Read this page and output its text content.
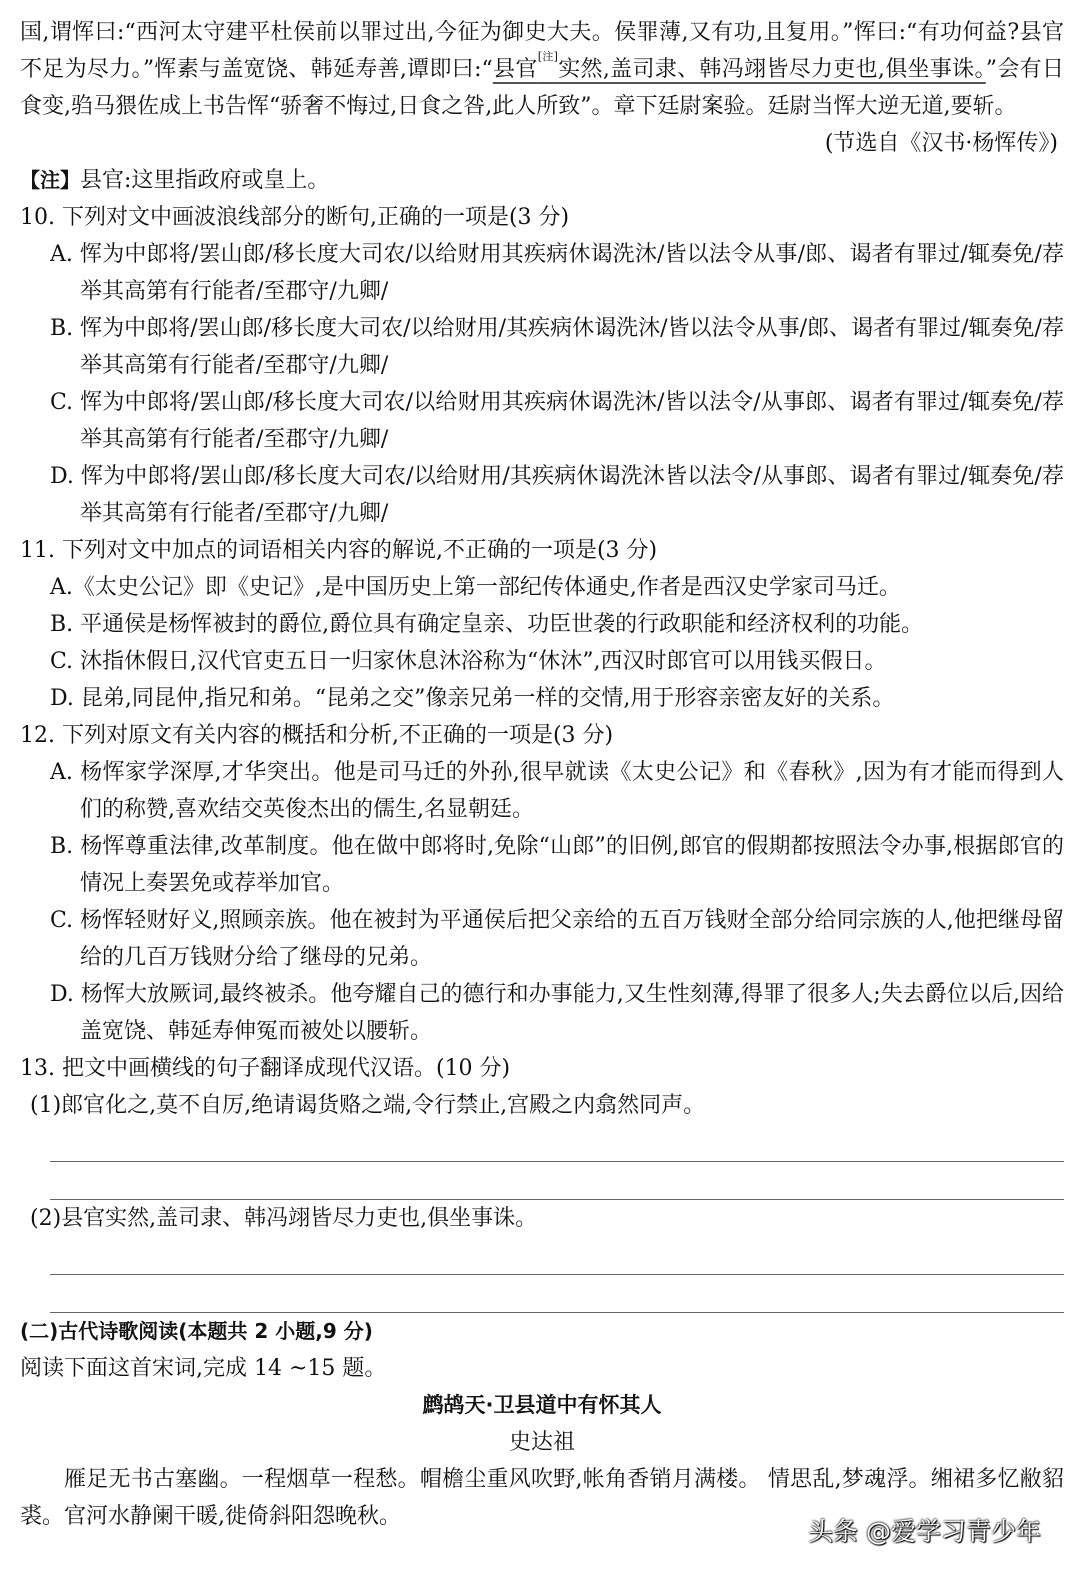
国,谓恽曰:“西河太守建平杜侯前以罪过出,今征为御史大夫。侯罪薄,又有功,且复用。”恽曰:“有功何益?县官不足为尽力。”恽素与盖宽饶、韩延寿善,谭即曰:“县官[注]实然,盖司隶、韩冯翊皆尽力吏也,俱坐事诛。”会有日食变,驺马猥佐成上书告恽“骄奢不悔过,日食之咎,此人所致”。章下廷尉案验。廷尉当恽大逆无道,要斩。

(节选自《汉书·杨恽传》)

【注】县官:这里指政府或皇上。

10. 下列对文中画波浪线部分的断句,正确的一项是(3 分)

A. 恽为中郎将/罢山郎/移长度大司农/以给财用其疾病休谒洗沐/皆以法令从事/郎、谒者有罪过/辄奏免/荐举其高第有行能者/至郡守/九卿/

B. 恽为中郎将/罢山郎/移长度大司农/以给财用/其疾病休谒洗沐/皆以法令从事/郎、谒者有罪过/辄奏免/荐举其高第有行能者/至郡守/九卿/

C. 恽为中郎将/罢山郎/移长度大司农/以给财用其疾病休谒洗沐/皆以法令/从事郎、谒者有罪过/辄奏免/荐举其高第有行能者/至郡守/九卿/

D. 恽为中郎将/罢山郎/移长度大司农/以给财用/其疾病休谒洗沐皆以法令/从事郎、谒者有罪过/辄奏免/荐举其高第有行能者/至郡守/九卿/

11. 下列对文中加点的词语相关内容的解说,不正确的一项是(3 分)

A.《太史公记》即《史记》,是中国历史上第一部纪传体通史,作者是西汉史学家司马迁。

B. 平通侯是杨恽被封的爵位,爵位具有确定皇亲、功臣世袭的行政职能和经济权利的功能。

C. 沐指休假日,汉代官吏五日一归家休息沐浴称为“休沐”,西汉时郎官可以用钱买假日。

D. 昆弟,同昆仲,指兄和弟。“昆弟之交”像亲兄弟一样的交情,用于形容亲密友好的关系。

12. 下列对原文有关内容的概括和分析,不正确的一项是(3 分)

A. 杨恽家学深厚,才华突出。他是司马迁的外孙,很早就读《太史公记》和《春秋》,因为有才能而得到人们的称赞,喜欢结交英俊杰出的儒生,名显朝廷。

B. 杨恽尊重法律,改革制度。他在做中郎将时,免除“山郎”的旧例,郎官的假期都按照法令办事,根据郎官的情况上奏罢免或荐举加官。

C. 杨恽轻财好义,照顾亲族。他在被封为平通侯后把父亲给的五百万钱财全部分给同宗族的人,他把继母留给的几百万钱财分给了继母的兄弟。

D. 杨恽大放厥词,最终被杀。他夸耀自己的德行和办事能力,又生性刻薄,得罪了很多人;失去爵位以后,因给盖宽饶、韩延寿伸冤而被处以腰斩。

13. 把文中画横线的句子翻译成现代汉语。(10 分)

(1)郎官化之,莫不自厉,绝请谒货赂之端,令行禁止,宫殿之内翕然同声。

(2)县官实然,盖司隶、韩冯翊皆尽力吏也,俱坐事诛。

(二)古代诗歌阅读(本题共 2 小题,9 分)

阅读下面这首宋词,完成 14 ~15 题。

鹧鸪天·卫县道中有怀其人

史达祖

雁足无书古塞幽。一程烟草一程愁。帽檐尘重风吹野,帐角香销月满楼。 情思乱,梦魂浮。缃裙多忆敝貂裘。官河水静阑干暖,徙倚斜阳怨晚秋。

头条 @爱学习青少年
